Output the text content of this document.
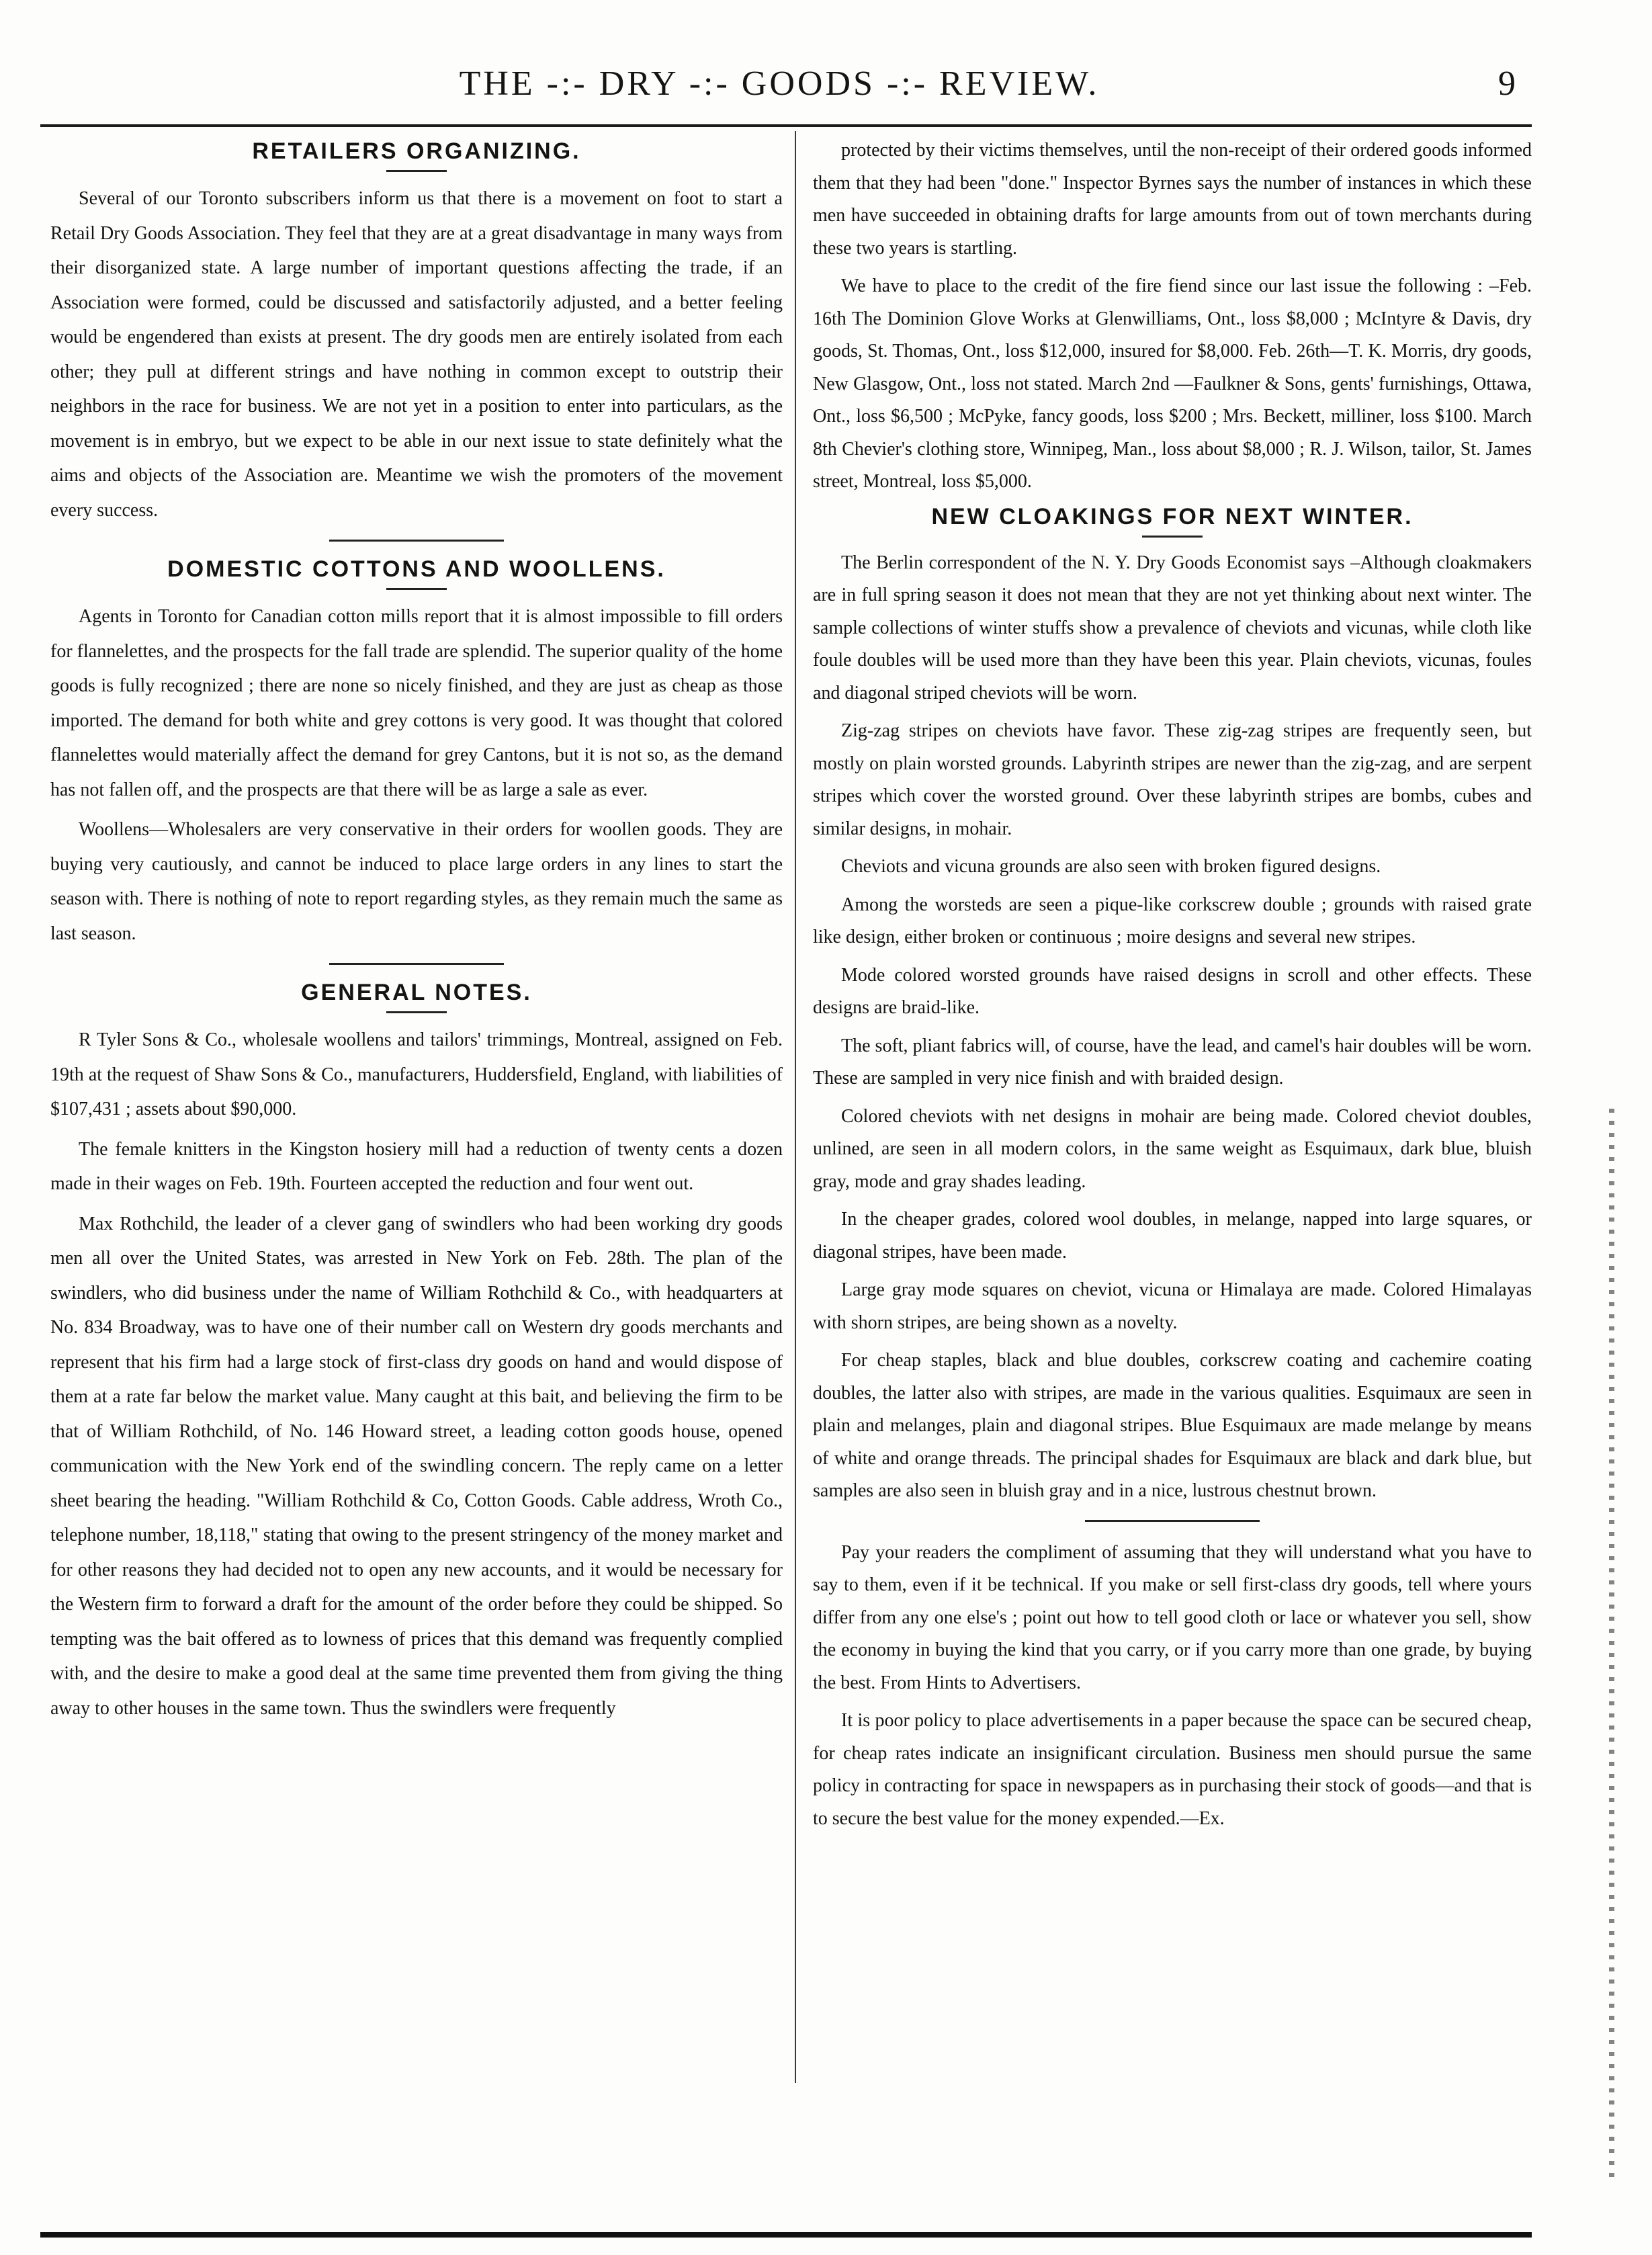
THE -:- DRY -:- GOODS -:- REVIEW.	9
RETAILERS ORGANIZING.

Several of our Toronto subscribers inform us that there is a movement on foot to start a Retail Dry Goods Association. They feel that they are at a great disadvantage in many ways from their disorganized state. A large number of important questions affecting the trade, if an Association were formed, could be discussed and satisfactorily adjusted, and a better feeling would be engendered than exists at present. The dry goods men are entirely isolated from each other; they pull at different strings and have nothing in common except to outstrip their neighbors in the race for business. We are not yet in a position to enter into particulars, as the movement is in embryo, but we expect to be able in our next issue to state definitely what the aims and objects of the Association are. Meantime we wish the promoters of the movement every success.

DOMESTIC COTTONS AND WOOLLENS.

Agents in Toronto for Canadian cotton mills report that it is almost impossible to fill orders for flannelettes, and the prospects for the fall trade are splendid. The superior quality of the home goods is fully recognized ; there are none so nicely finished, and they are just as cheap as those imported. The demand for both white and grey cottons is very good. It was thought that colored flannelettes would materially affect the demand for grey Cantons, but it is not so, as the demand has not fallen off, and the prospects are that there will be as large a sale as ever.

Woollens—Wholesalers are very conservative in their orders for woollen goods. They are buying very cautiously, and cannot be induced to place large orders in any lines to start the season with. There is nothing of note to report regarding styles, as they remain much the same as last season.

GENERAL NOTES.

R Tyler Sons & Co., wholesale woollens and tailors' trimmings, Montreal, assigned on Feb. 19th at the request of Shaw Sons & Co., manufacturers, Huddersfield, England, with liabilities of $107,431 ; assets about $90,000.

The female knitters in the Kingston hosiery mill had a reduction of twenty cents a dozen made in their wages on Feb. 19th. Fourteen accepted the reduction and four went out.

Max Rothchild, the leader of a clever gang of swindlers who had been working dry goods men all over the United States, was arrested in New York on Feb. 28th. The plan of the swindlers, who did business under the name of William Rothchild & Co., with headquarters at No. 834 Broadway, was to have one of their number call on Western dry goods merchants and represent that his firm had a large stock of first-class dry goods on hand and would dispose of them at a rate far below the market value. Many caught at this bait, and believing the firm to be that of William Rothchild, of No. 146 Howard street, a leading cotton goods house, opened communication with the New York end of the swindling concern. The reply came on a letter sheet bearing the heading. "William Rothchild & Co, Cotton Goods. Cable address, Wroth Co., telephone number, 18,118," stating that owing to the present stringency of the money market and for other reasons they had decided not to open any new accounts, and it would be necessary for the Western firm to forward a draft for the amount of the order before they could be shipped. So tempting was the bait offered as to lowness of prices that this demand was frequently complied with, and the desire to make a good deal at the same time prevented them from giving the thing away to other houses in the same town. Thus the swindlers were frequently

protected by their victims themselves, until the non-receipt of their ordered goods informed them that they had been "done." Inspector Byrnes says the number of instances in which these men have succeeded in obtaining drafts for large amounts from out of town merchants during these two years is startling.

We have to place to the credit of the fire fiend since our last issue the following : –Feb. 16th The Dominion Glove Works at Glenwilliams, Ont., loss $8,000 ; McIntyre & Davis, dry goods, St. Thomas, Ont., loss $12,000, insured for $8,000. Feb. 26th—T. K. Morris, dry goods, New Glasgow, Ont., loss not stated. March 2nd —Faulkner & Sons, gents' furnishings, Ottawa, Ont., loss $6,500 ; McPyke, fancy goods, loss $200 ; Mrs. Beckett, milliner, loss $100. March 8th Chevier's clothing store, Winnipeg, Man., loss about $8,000 ; R. J. Wilson, tailor, St. James street, Montreal, loss $5,000.

NEW CLOAKINGS FOR NEXT WINTER.

The Berlin correspondent of the N. Y. Dry Goods Economist says –Although cloakmakers are in full spring season it does not mean that they are not yet thinking about next winter. The sample collections of winter stuffs show a prevalence of cheviots and vicunas, while cloth like foule doubles will be used more than they have been this year. Plain cheviots, vicunas, foules and diagonal striped cheviots will be worn.

Zig-zag stripes on cheviots have favor. These zig-zag stripes are frequently seen, but mostly on plain worsted grounds. Labyrinth stripes are newer than the zig-zag, and are serpent stripes which cover the worsted ground. Over these labyrinth stripes are bombs, cubes and similar designs, in mohair.

Cheviots and vicuna grounds are also seen with broken figured designs.

Among the worsteds are seen a pique-like corkscrew double ; grounds with raised grate like design, either broken or continuous ; moire designs and several new stripes.

Mode colored worsted grounds have raised designs in scroll and other effects. These designs are braid-like.

The soft, pliant fabrics will, of course, have the lead, and camel's hair doubles will be worn. These are sampled in very nice finish and with braided design.

Colored cheviots with net designs in mohair are being made. Colored cheviot doubles, unlined, are seen in all modern colors, in the same weight as Esquimaux, dark blue, bluish gray, mode and gray shades leading.

In the cheaper grades, colored wool doubles, in melange, napped into large squares, or diagonal stripes, have been made.

Large gray mode squares on cheviot, vicuna or Himalaya are made. Colored Himalayas with shorn stripes, are being shown as a novelty.

For cheap staples, black and blue doubles, corkscrew coating and cachemire coating doubles, the latter also with stripes, are made in the various qualities. Esquimaux are seen in plain and melanges, plain and diagonal stripes. Blue Esquimaux are made melange by means of white and orange threads. The principal shades for Esquimaux are black and dark blue, but samples are also seen in bluish gray and in a nice, lustrous chestnut brown.

Pay your readers the compliment of assuming that they will understand what you have to say to them, even if it be technical. If you make or sell first-class dry goods, tell where yours differ from any one else's ; point out how to tell good cloth or lace or whatever you sell, show the economy in buying the kind that you carry, or if you carry more than one grade, by buying the best. From Hints to Advertisers.

It is poor policy to place advertisements in a paper because the space can be secured cheap, for cheap rates indicate an insignificant circulation. Business men should pursue the same policy in contracting for space in newspapers as in purchasing their stock of goods—and that is to secure the best value for the money expended.—Ex.
